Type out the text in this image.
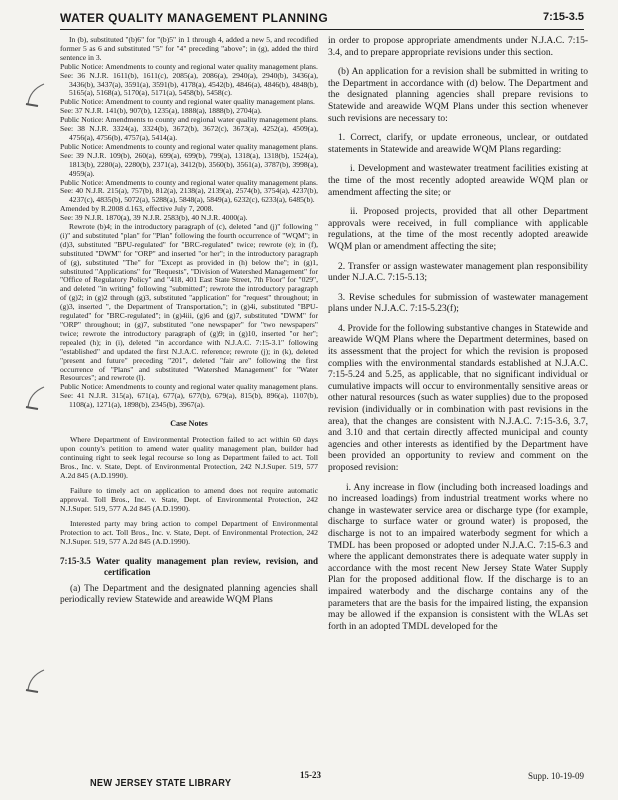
WATER QUALITY MANAGEMENT PLANNING	7:15-3.5

In (b), substituted "(b)6" for "(b)5" in 1 through 4, added a new 5, and recodified former 5 as 6 and substituted "5" for "4" preceding "above"; in (g), added the third sentence in 3.

Public Notice: Amendments to county and regional water quality management plans.

See: 36 N.J.R. 1611(b), 1611(c), 2085(a), 2086(a), 2940(a), 2940(b), 3436(a), 3436(b), 3437(a), 3591(a), 3591(b), 4178(a), 4542(b), 4846(a), 4846(b), 4848(b), 5165(a), 5168(a), 5170(a), 5171(a), 5458(b), 5458(c).

Public Notice: Amendment to county and regional water quality management plans.

See: 37 N.J.R. 141(b), 907(b), 1235(a), 1888(a), 1888(b), 2704(a).

Public Notice: Amendments to county and regional water quality management plans.

See: 38 N.J.R. 3324(a), 3324(b), 3672(b), 3672(c), 3673(a), 4252(a), 4509(a), 4756(a), 4756(b), 4757(a), 5414(a).

Public Notice: Amendments to county and regional water quality management plans.

See: 39 N.J.R. 109(b), 260(a), 699(a), 699(b), 799(a), 1318(a), 1318(b), 1524(a), 1813(b), 2280(a), 2280(b), 2371(a), 3412(b), 3560(b), 3561(a), 3787(b), 3998(a), 4959(a).

Public Notice: Amendments to county and regional water quality management plans.

See: 40 N.J.R. 215(a), 757(b), 812(a), 2138(a), 2139(a), 2574(b), 3754(a), 4237(b), 4237(c), 4835(b), 5072(a), 5288(a), 5848(a), 5849(a), 6232(c), 6233(a), 6485(b).

Amended by R.2008 d.163, effective July 7, 2008.

See: 39 N.J.R. 1870(a), 39 N.J.R. 2583(b), 40 N.J.R. 4000(a).

Rewrote (b)4; in the introductory paragraph of (c), deleted "and (j)" following "(i)" and substituted "plan" for "Plan" following the fourth occurrence of "WQM"; in (d)3, substituted "BPU-regulated" for "BRC-regulated" twice; rewrote (e); in (f), substituted "DWM" for "ORP" and inserted "or her"; in the introductory paragraph of (g), substituted "The" for "Except as provided in (h) below the"; in (g)1, substituted "Applications" for "Requests", "Division of Watershed Management" for "Office of Regulatory Policy" and "418, 401 East State Street, 7th Floor" for "029", and deleted "in writing" following "submitted"; rewrote the introductory paragraph of (g)2; in (g)2 through (g)3, substituted "application" for "request" throughout; in (g)3, inserted ", the Department of Transportation,"; in (g)4i, substituted "BPU-regulated" for "BRC-regulated"; in (g)4iii, (g)6 and (g)7, substituted "DWM" for "ORP" throughout; in (g)7, substituted "one newspaper" for "two newspapers" twice; rewrote the introductory paragraph of (g)9; in (g)10, inserted "or her"; repealed (h); in (i), deleted "in accordance with N.J.A.C. 7:15-3.1" following "established" and updated the first N.J.A.C. reference; rewrote (j); in (k), deleted "present and future" preceding "201", deleted "fair are" following the first occurrence of "Plans" and substituted "Watershed Management" for "Water Resources"; and rewrote (l).

Public Notice: Amendments to county and regional water quality management plans.

See: 41 N.J.R. 315(a), 671(a), 677(a), 677(b), 679(a), 815(b), 896(a), 1107(b), 1108(a), 1271(a), 1898(b), 2345(b), 3967(a).

Case Notes

Where Department of Environmental Protection failed to act within 60 days upon county's petition to amend water quality management plan, builder had continuing right to seek legal recourse so long as Department failed to act. Toll Bros., Inc. v. State, Dept. of Environmental Protection, 242 N.J.Super. 519, 577 A.2d 845 (A.D.1990).

Failure to timely act on application to amend does not require automatic approval. Toll Bros., Inc. v. State, Dept. of Environmental Protection, 242 N.J.Super. 519, 577 A.2d 845 (A.D.1990).

Interested party may bring action to compel Department of Environmental Protection to act. Toll Bros., Inc. v. State, Dept. of Environmental Protection, 242 N.J.Super. 519, 577 A.2d 845 (A.D.1990).

7:15-3.5 Water quality management plan review, revision, and certification

(a) The Department and the designated planning agencies shall periodically review Statewide and areawide WQM Plans

in order to propose appropriate amendments under N.J.A.C. 7:15-3.4, and to prepare appropriate revisions under this section.

(b) An application for a revision shall be submitted in writing to the Department in accordance with (d) below. The Department and the designated planning agencies shall prepare revisions to Statewide and areawide WQM Plans under this section whenever such revisions are necessary to:

1. Correct, clarify, or update erroneous, unclear, or outdated statements in Statewide and areawide WQM Plans regarding:

i. Development and wastewater treatment facilities existing at the time of the most recently adopted areawide WQM plan or amendment affecting the site; or

ii. Proposed projects, provided that all other Department approvals were received, in full compliance with applicable regulations, at the time of the most recently adopted areawide WQM plan or amendment affecting the site;

2. Transfer or assign wastewater management plan responsibility under N.J.A.C. 7:15-5.13;

3. Revise schedules for submission of wastewater management plans under N.J.A.C. 7:15-5.23(f);

4. Provide for the following substantive changes in Statewide and areawide WQM Plans where the Department determines, based on its assessment that the project for which the revision is proposed complies with the environmental standards established at N.J.A.C. 7:15-5.24 and 5.25, as applicable, that no significant individual or cumulative impacts will occur to environmentally sensitive areas or other natural resources (such as water supplies) due to the proposed revision (individually or in combination with past revisions in the area), that the changes are consistent with N.J.A.C. 7:15-3.6, 3.7, and 3.10 and that certain directly affected municipal and county agencies and other interests as identified by the Department have been provided an opportunity to review and comment on the proposed revision:

i. Any increase in flow (including both increased loadings and no increased loadings) from industrial treatment works where no change in wastewater service area or discharge type (for example, discharge to surface water or ground water) is proposed, the discharge is not to an impaired waterbody segment for which a TMDL has been proposed or adopted under N.J.A.C. 7:15-6.3 and where the applicant demonstrates there is adequate water supply in accordance with the most recent New Jersey State Water Supply Plan for the proposed additional flow. If the discharge is to an impaired waterbody and the discharge contains any of the parameters that are the basis for the impaired listing, the expansion may be allowed if the expansion is consistent with the WLAs set forth in an adopted TMDL developed for the

15-23	Supp. 10-19-09
NEW JERSEY STATE LIBRARY
